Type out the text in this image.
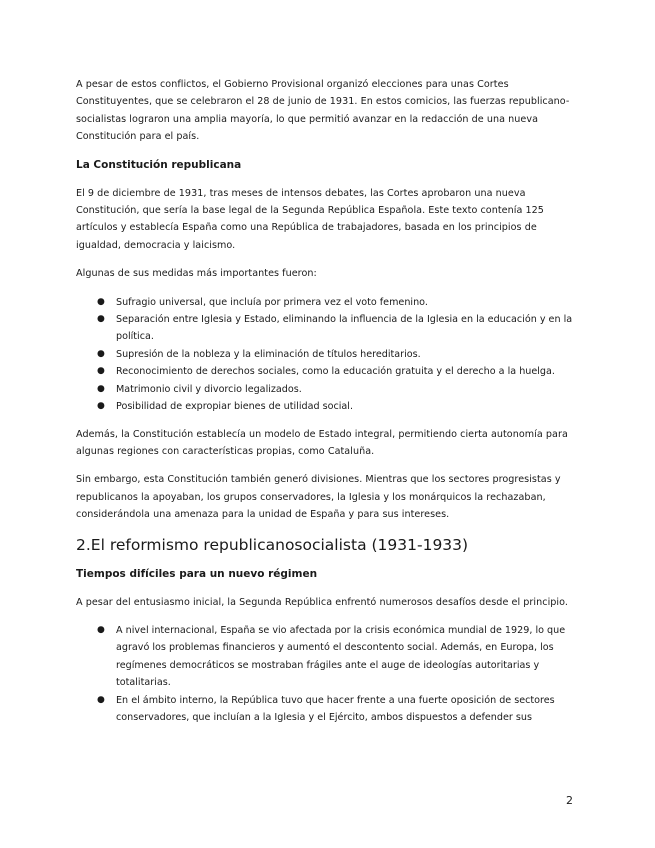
A pesar de estos conflictos, el Gobierno Provisional organizó elecciones para unas Cortes Constituyentes, que se celebraron el 28 de junio de 1931. En estos comicios, las fuerzas republicano-socialistas lograron una amplia mayoría, lo que permitió avanzar en la redacción de una nueva Constitución para el país.

La Constitución republicana

El 9 de diciembre de 1931, tras meses de intensos debates, las Cortes aprobaron una nueva Constitución, que sería la base legal de la Segunda República Española. Este texto contenía 125 artículos y establecía España como una República de trabajadores, basada en los principios de igualdad, democracia y laicismo.

Algunas de sus medidas más importantes fueron:

● Sufragio universal, que incluía por primera vez el voto femenino.
● Separación entre Iglesia y Estado, eliminando la influencia de la Iglesia en la educación y en la política.
● Supresión de la nobleza y la eliminación de títulos hereditarios.
● Reconocimiento de derechos sociales, como la educación gratuita y el derecho a la huelga.
● Matrimonio civil y divorcio legalizados.
● Posibilidad de expropiar bienes de utilidad social.

Además, la Constitución establecía un modelo de Estado integral, permitiendo cierta autonomía para algunas regiones con características propias, como Cataluña.

Sin embargo, esta Constitución también generó divisiones. Mientras que los sectores progresistas y republicanos la apoyaban, los grupos conservadores, la Iglesia y los monárquicos la rechazaban, considerándola una amenaza para la unidad de España y para sus intereses.

2.El reformismo republicanosocialista (1931-1933)
Tiempos difíciles para un nuevo régimen

A pesar del entusiasmo inicial, la Segunda República enfrentó numerosos desafíos desde el principio.

● A nivel internacional, España se vio afectada por la crisis económica mundial de 1929, lo que agravó los problemas financieros y aumentó el descontento social. Además, en Europa, los regímenes democráticos se mostraban frágiles ante el auge de ideologías autoritarias y totalitarias.
● En el ámbito interno, la República tuvo que hacer frente a una fuerte oposición de sectores conservadores, que incluían a la Iglesia y el Ejército, ambos dispuestos a defender sus
2
